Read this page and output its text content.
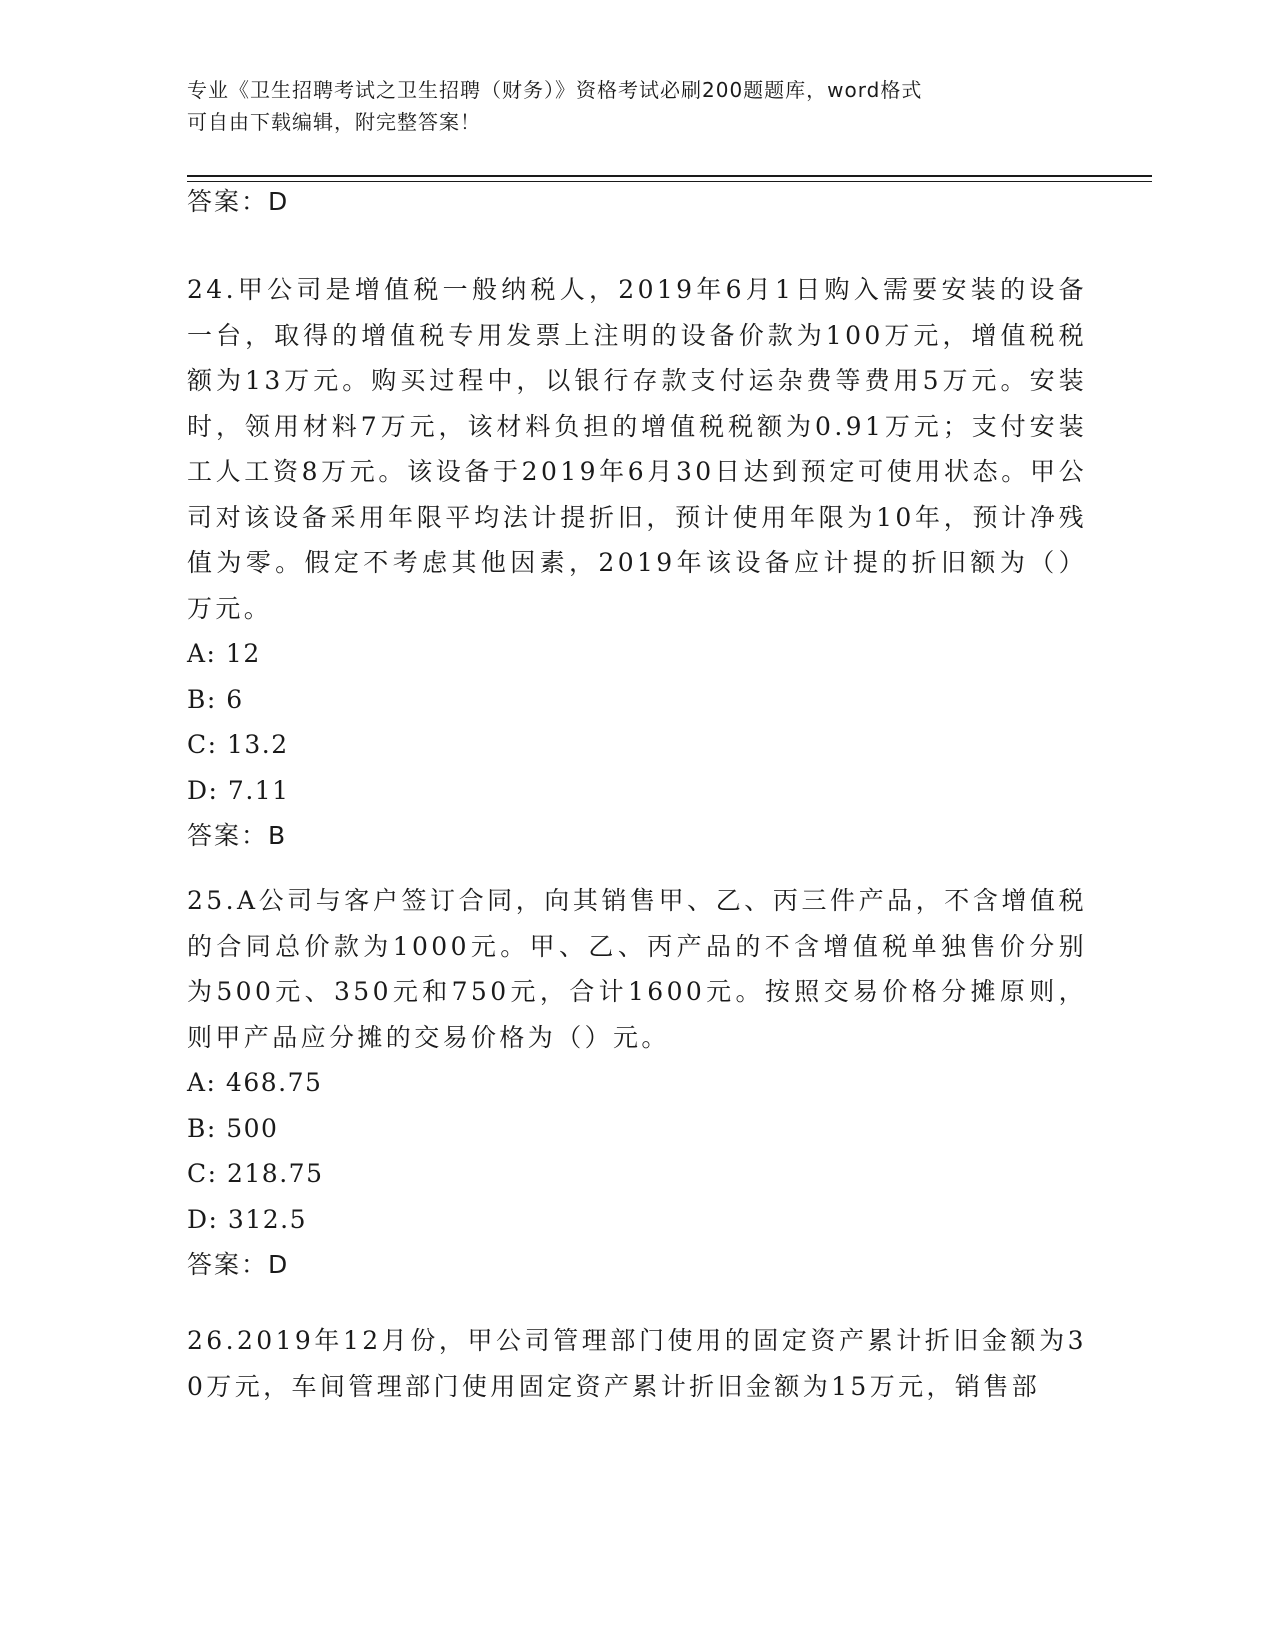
专业《卫生招聘考试之卫生招聘（财务）》资格考试必刷200题题库，word格式
可自由下载编辑，附完整答案！
答案：D
24.甲公司是增值税一般纳税人，2019年6月1日购入需要安装的设备一台，取得的增值税专用发票上注明的设备价款为100万元，增值税税额为13万元。购买过程中，以银行存款支付运杂费等费用5万元。安装时，领用材料7万元，该材料负担的增值税税额为0.91万元；支付安装工人工资8万元。该设备于2019年6月30日达到预定可使用状态。甲公司对该设备采用年限平均法计提折旧，预计使用年限为10年，预计净残值为零。假定不考虑其他因素，2019年该设备应计提的折旧额为（）万元。
A: 12
B: 6
C: 13.2
D: 7.11
答案：B
25.A公司与客户签订合同，向其销售甲、乙、丙三件产品，不含增值税的合同总价款为1000元。甲、乙、丙产品的不含增值税单独售价分别为500元、350元和750元，合计1600元。按照交易价格分摊原则，则甲产品应分摊的交易价格为（）元。
A: 468.75
B: 500
C: 218.75
D: 312.5
答案：D
26.2019年12月份，甲公司管理部门使用的固定资产累计折旧金额为30万元，车间管理部门使用固定资产累计折旧金额为15万元，销售部
